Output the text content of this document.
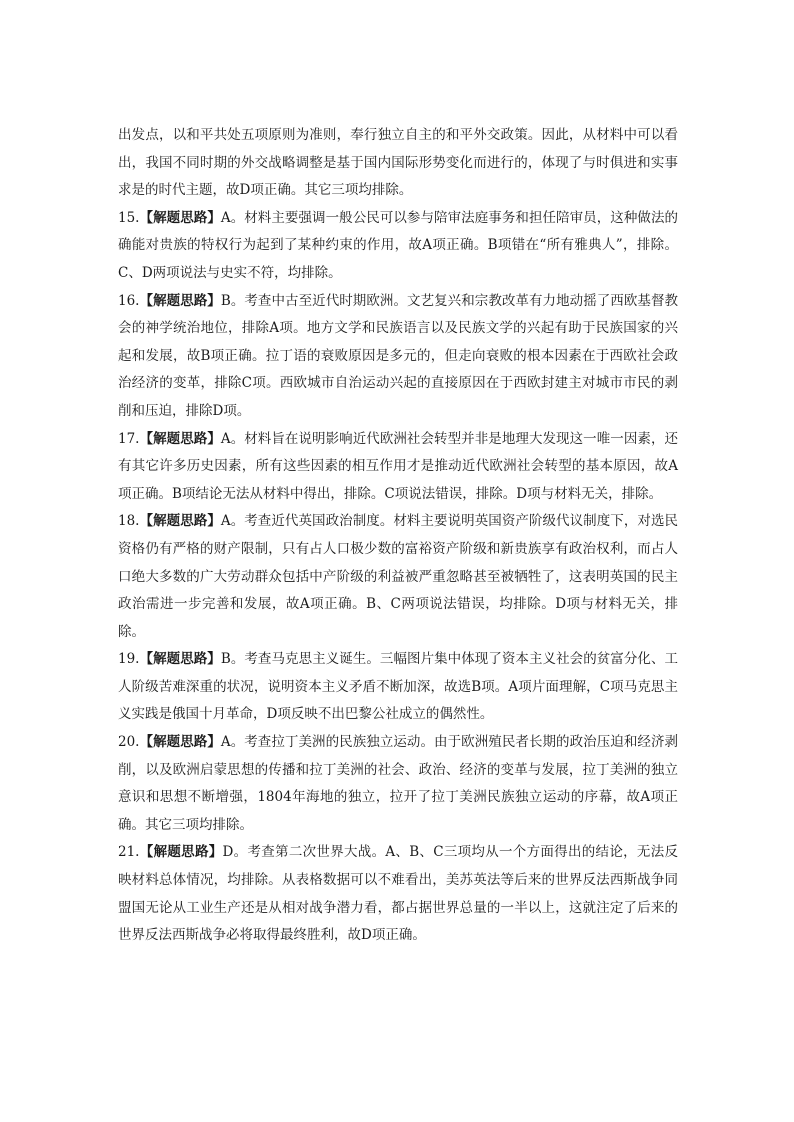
出发点，以和平共处五项原则为准则，奉行独立自主的和平外交政策。因此，从材料中可以看出，我国不同时期的外交战略调整是基于国内国际形势变化而进行的，体现了与时俱进和实事求是的时代主题，故D项正确。其它三项均排除。

15.【解题思路】A。材料主要强调一般公民可以参与陪审法庭事务和担任陪审员，这种做法的确能对贵族的特权行为起到了某种约束的作用，故A项正确。B项错在“所有雅典人”，排除。C、D两项说法与史实不符，均排除。

16.【解题思路】B。考查中古至近代时期欧洲。文艺复兴和宗教改革有力地动摇了西欧基督教会的神学统治地位，排除A项。地方文学和民族语言以及民族文学的兴起有助于民族国家的兴起和发展，故B项正确。拉丁语的衰败原因是多元的，但走向衰败的根本因素在于西欧社会政治经济的变革，排除C项。西欧城市自治运动兴起的直接原因在于西欧封建主对城市市民的剥削和压迫，排除D项。

17.【解题思路】A。材料旨在说明影响近代欧洲社会转型并非是地理大发现这一唯一因素，还有其它许多历史因素，所有这些因素的相互作用才是推动近代欧洲社会转型的基本原因，故A项正确。B项结论无法从材料中得出，排除。C项说法错误，排除。D项与材料无关，排除。

18.【解题思路】A。考查近代英国政治制度。材料主要说明英国资产阶级代议制度下，对选民资格仍有严格的财产限制，只有占人口极少数的富裕资产阶级和新贵族享有政治权利，而占人口绝大多数的广大劳动群众包括中产阶级的利益被严重忽略甚至被牺牲了，这表明英国的民主政治需进一步完善和发展，故A项正确。B、C两项说法错误，均排除。D项与材料无关，排除。

19.【解题思路】B。考查马克思主义诞生。三幅图片集中体现了资本主义社会的贫富分化、工人阶级苦难深重的状况，说明资本主义矛盾不断加深，故选B项。A项片面理解，C项马克思主义实践是俄国十月革命，D项反映不出巴黎公社成立的偶然性。

20.【解题思路】A。考查拉丁美洲的民族独立运动。由于欧洲殖民者长期的政治压迫和经济剥削，以及欧洲启蒙思想的传播和拉丁美洲的社会、政治、经济的变革与发展，拉丁美洲的独立意识和思想不断增强，1804年海地的独立，拉开了拉丁美洲民族独立运动的序幕，故A项正确。其它三项均排除。

21.【解题思路】D。考查第二次世界大战。A、B、C三项均从一个方面得出的结论，无法反映材料总体情况，均排除。从表格数据可以不难看出，美苏英法等后来的世界反法西斯战争同盟国无论从工业生产还是从相对战争潜力看，都占据世界总量的一半以上，这就注定了后来的世界反法西斯战争必将取得最终胜利，故D项正确。
